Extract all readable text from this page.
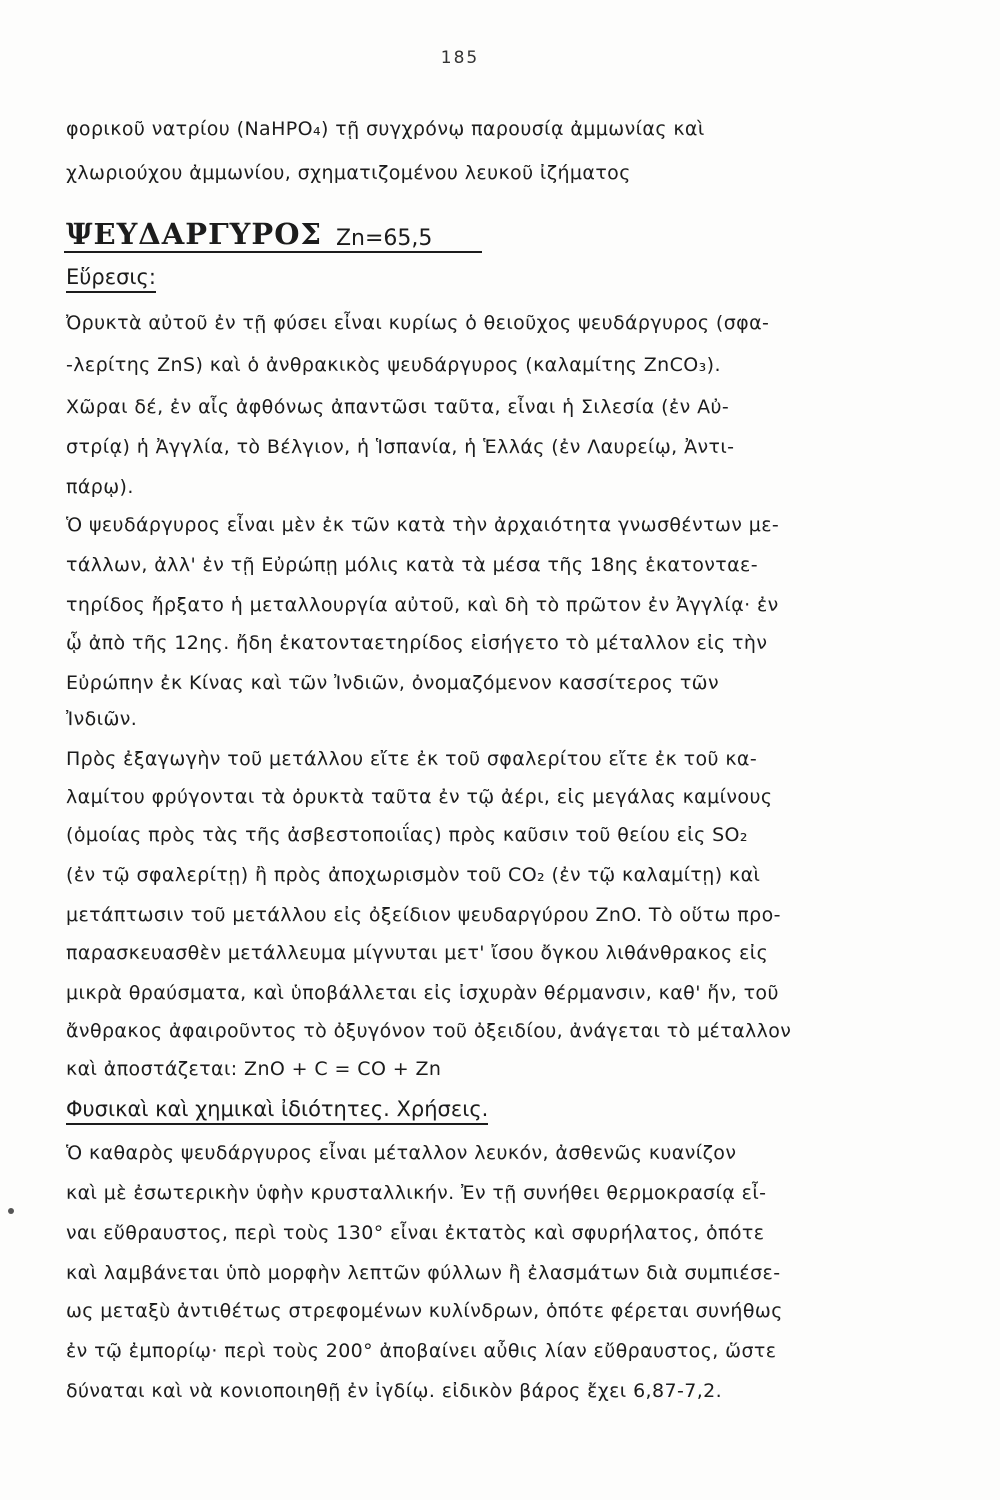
185
φορικοῦ νατρίου (NaHPO₄) τῇ συγχρόνῳ παρουσίᾳ ἀμμωνίας καὶ
χλωριούχου ἀμμωνίου, σχηματιζομένου λευκοῦ ἰζήματος
ΨΕΥΔΑΡΓΥΡΟΣ Zn=65,5
Εὕρεσις:
Ὀρυκτὰ αὐτοῦ ἐν τῇ φύσει εἶναι κυρίως ὁ θειοῦχος ψευδάργυρος (σφα-
-λερίτης ZnS) καὶ ὁ ἀνθρακικὸς ψευδάργυρος (καλαμίτης ZnCO₃).
Χῶραι δέ, ἐν αἷς ἀφθόνως ἀπαντῶσι ταῦτα, εἶναι ἡ Σιλεσία (ἐν Αὐ-
στρίᾳ) ἡ Ἀγγλία, τὸ Βέλγιον, ἡ Ἱσπανία, ἡ Ἑλλάς (ἐν Λαυρείῳ, Ἀντι-
πάρῳ).
Ὁ ψευδάργυρος εἶναι μὲν ἐκ τῶν κατὰ τὴν ἀρχαιότητα γνωσθέντων με-
τάλλων, ἀλλ' ἐν τῇ Εὐρώπῃ μόλις κατὰ τὰ μέσα τῆς 18ης ἑκατονταε-
τηρίδος ἤρξατο ἡ μεταλλουργία αὐτοῦ, καὶ δὴ τὸ πρῶτον ἐν Ἀγγλίᾳ· ἐν
ᾧ ἀπὸ τῆς 12ης. ἤδη ἑκατονταετηρίδος εἰσήγετο τὸ μέταλλον εἰς τὴν
Εὐρώπην ἐκ Κίνας καὶ τῶν Ἰνδιῶν, ὀνομαζόμενον κασσίτερος τῶν
Ἰνδιῶν.
Πρὸς ἐξαγωγὴν τοῦ μετάλλου εἴτε ἐκ τοῦ σφαλερίτου εἴτε ἐκ τοῦ κα-
λαμίτου φρύγονται τὰ ὀρυκτὰ ταῦτα ἐν τῷ ἀέρι, εἰς μεγάλας καμίνους
(ὁμοίας πρὸς τὰς τῆς ἀσβεστοποιΐας) πρὸς καῦσιν τοῦ θείου εἰς SO₂
(ἐν τῷ σφαλερίτῃ) ἢ πρὸς ἀποχωρισμὸν τοῦ CO₂ (ἐν τῷ καλαμίτῃ) καὶ
μετάπτωσιν τοῦ μετάλλου εἰς ὀξείδιον ψευδαργύρου ZnO. Τὸ οὕτω προ-
παρασκευασθὲν μετάλλευμα μίγνυται μετ' ἴσου ὄγκου λιθάνθρακος εἰς
μικρὰ θραύσματα, καὶ ὑποβάλλεται εἰς ἰσχυρὰν θέρμανσιν, καθ' ἥν, τοῦ
ἄνθρακος ἀφαιροῦντος τὸ ὀξυγόνον τοῦ ὀξειδίου, ἀνάγεται τὸ μέταλλον
καὶ ἀποστάζεται: ZnO + C = CO + Zn
Φυσικαὶ καὶ χημικαὶ ἰδιότητες. Χρήσεις.
Ὁ καθαρὸς ψευδάργυρος εἶναι μέταλλον λευκόν, ἀσθενῶς κυανίζον
καὶ μὲ ἐσωτερικὴν ὑφὴν κρυσταλλικήν. Ἐν τῇ συνήθει θερμοκρασίᾳ εἶ-
ναι εὔθραυστος, περὶ τοὺς 130° εἶναι ἐκτατὸς καὶ σφυρήλατος, ὁπότε
καὶ λαμβάνεται ὑπὸ μορφὴν λεπτῶν φύλλων ἢ ἐλασμάτων διὰ συμπιέσε-
ως μεταξὺ ἀντιθέτως στρεφομένων κυλίνδρων, ὁπότε φέρεται συνήθως
ἐν τῷ ἐμπορίῳ· περὶ τοὺς 200° ἀποβαίνει αὖθις λίαν εὔθραυστος, ὥστε
δύναται καὶ νὰ κονιοποιηθῇ ἐν ἰγδίῳ. εἰδικὸν βάρος ἔχει 6,87-7,2.
